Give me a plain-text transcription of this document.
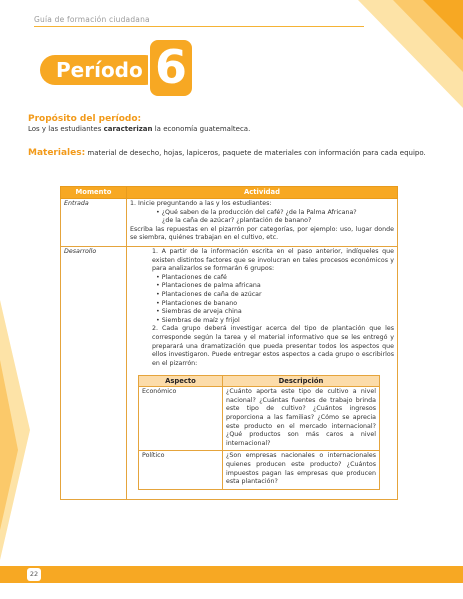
Guía de formación ciudadana
Período 6
Propósito del período:
Los y las estudiantes caracterizan la economía guatemalteca.
Materiales: material de desecho, hojas, lapiceros, paquete de materiales con información para cada equipo.
Momento	Actividad
Entrada	1. Inicie preguntando a las y los estudiantes:
• ¿Qué saben de la producción del café? ¿de la Palma Africana?
¿de la caña de azúcar? ¿plantación de banano?
Escriba las repuestas en el pizarrón por categorías, por ejemplo: uso, lugar donde se siembra, quiénes trabajan en el cultivo, etc.

Desarrollo	1. A partir de la información escrita en el paso anterior, indíqueles que existen distintos factores que se involucran en tales procesos económicos y para analizarlos se formarán 6 grupos:
• Plantaciones de café
• Plantaciones de palma africana
• Plantaciones de caña de azúcar
• Plantaciones de banano
• Siembras de arveja china
• Siembras de maíz y frijol
2. Cada grupo deberá investigar acerca del tipo de plantación que les corresponde según la tarea y el material informativo que se les entregó y preparará una dramatización que pueda presentar todos los aspectos que ellos investigaron. Puede entregar estos aspectos a cada grupo o escribirlos en el pizarrón:
Aspecto	Descripción
Económico	¿Cuánto aporta este tipo de cultivo a nivel nacional? ¿Cuántas fuentes de trabajo brinda este tipo de cultivo? ¿Cuántos ingresos proporciona a las familias? ¿Cómo se aprecia este producto en el mercado internacional? ¿Qué productos son más caros a nivel internacional?
Político	¿Son empresas nacionales o internacionales quienes producen este producto? ¿Cuántos impuestos pagan las empresas que producen esta plantación?
22
